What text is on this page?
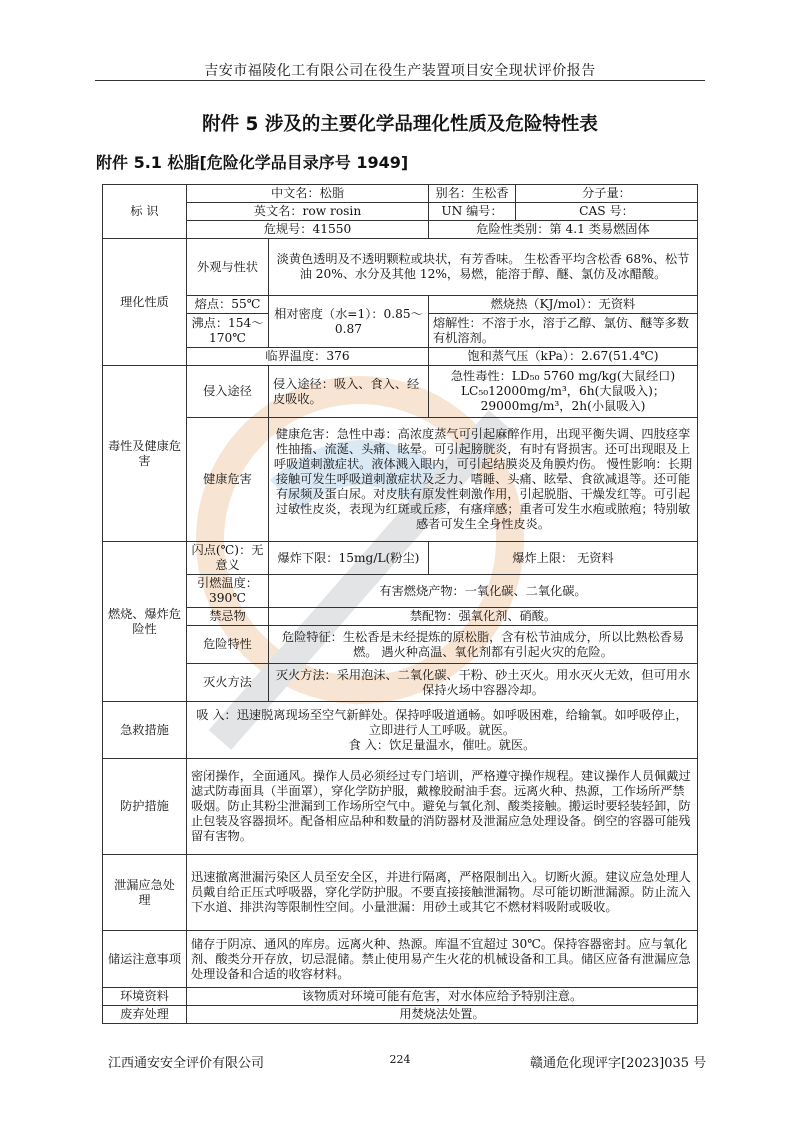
吉安市福陵化工有限公司在役生产装置项目安全现状评价报告
附件 5 涉及的主要化学品理化性质及危险特性表
附件 5.1 松脂[危险化学品目录序号 1949]
标 识	中文名：松脂		别名：生松香	分子量：
	英文名：row rosin		UN 编号：	CAS 号：
	危规号：41550		危险性类别：第 4.1 类易燃固体	
理化性质	外观与性状	淡黄色透明及不透明颗粒或块状，有芳香味。 生松香平均含松香 68%、松节油 20%、水分及其他 12%，易燃，能溶于醇、醚、氯仿及冰醋酸。		
	熔点：55℃	相对密度（水=1）：0.85～0.87	燃烧热（KJ/mol）：无资料	
	沸点：154～170℃		熔解性：不溶于水，溶于乙醇、氯仿、醚等多数有机溶剂。	
	临界温度：376		饱和蒸气压（kPa）：2.67(51.4℃)	
毒性及健康危害	侵入途径	侵入途径：吸入、食入、经皮吸收。	急性毒性：LD₅₀ 5760 mg/kg(大鼠经口)
LC₅₀12000mg/m³，6h(大鼠吸入)；29000mg/m³，2h(小鼠吸入)	

	健康危害	健康危害：急性中毒：高浓度蒸气可引起麻醉作用，出现平衡失调、四肢痉挛性抽搐、流涎、头痛、眩晕。可引起膀胱炎，有时有肾损害。还可出现眼及上呼吸道刺激症状。液体溅入眼内，可引起结膜炎及角膜灼伤。 慢性影响：长期接触可发生呼吸道刺激症状及乏力、嗜睡、头痛、眩晕、食欲减退等。还可能有尿频及蛋白尿。对皮肤有原发性刺激作用，引起脱脂、干燥发红等。可引起过敏性皮炎，表现为红斑或丘疹，有瘙痒感；重者可发生水疱或脓疱；特别敏感者可发生全身性皮炎。		
燃烧、爆炸危险性	闪点(℃)：无意义	爆炸下限：15mg/L(粉尘)	爆炸上限： 无资料	
	引燃温度： 390℃	有害燃烧产物：一氧化碳、二氧化碳。		
	禁忌物	禁配物：强氧化剂、硝酸。		
	危险特性	危险特征：生松香是未经提炼的原松脂，含有松节油成分，所以比熟松香易燃。 遇火种高温、氧化剂都有引起火灾的危险。		
	灭火方法	灭火方法：采用泡沫、二氧化碳、干粉、砂土灭火。用水灭火无效，但可用水保持火场中容器冷却。		
急救措施	吸 入：迅速脱离现场至空气新鲜处。保持呼吸道通畅。如呼吸困难，给输氧。如呼吸停止，立即进行人工呼吸。就医。
食 入：饮足量温水，催吐。就医。			

防护措施	密闭操作，全面通风。操作人员必须经过专门培训，严格遵守操作规程。建议操作人员佩戴过滤式防毒面具（半面罩），穿化学防护服，戴橡胶耐油手套。远离火种、热源，工作场所严禁吸烟。防止其粉尘泄漏到工作场所空气中。避免与氧化剂、酸类接触。搬运时要轻装轻卸，防止包装及容器损坏。配备相应品种和数量的消防器材及泄漏应急处理设备。倒空的容器可能残留有害物。			
泄漏应急处 理	迅速撤离泄漏污染区人员至安全区，并进行隔离，严格限制出入。切断火源。建议应急处理人员戴自给正压式呼吸器，穿化学防护服。不要直接接触泄漏物。尽可能切断泄漏源。防止流入下水道、排洪沟等限制性空间。小量泄漏：用砂土或其它不燃材料吸附或吸收。			
储运注意事项	储存于阴凉、通风的库房。远离火种、热源。库温不宜超过 30℃。保持容器密封。应与氧化剂、酸类分开存放，切忌混储。禁止使用易产生火花的机械设备和工具。储区应备有泄漏应急处理设备和合适的收容材料。			
环境资料	该物质对环境可能有危害，对水体应给予特别注意。			
废弃处理	用焚烧法处置。			
江西通安安全评价有限公司	224	赣通危化现评字[2023]035 号
